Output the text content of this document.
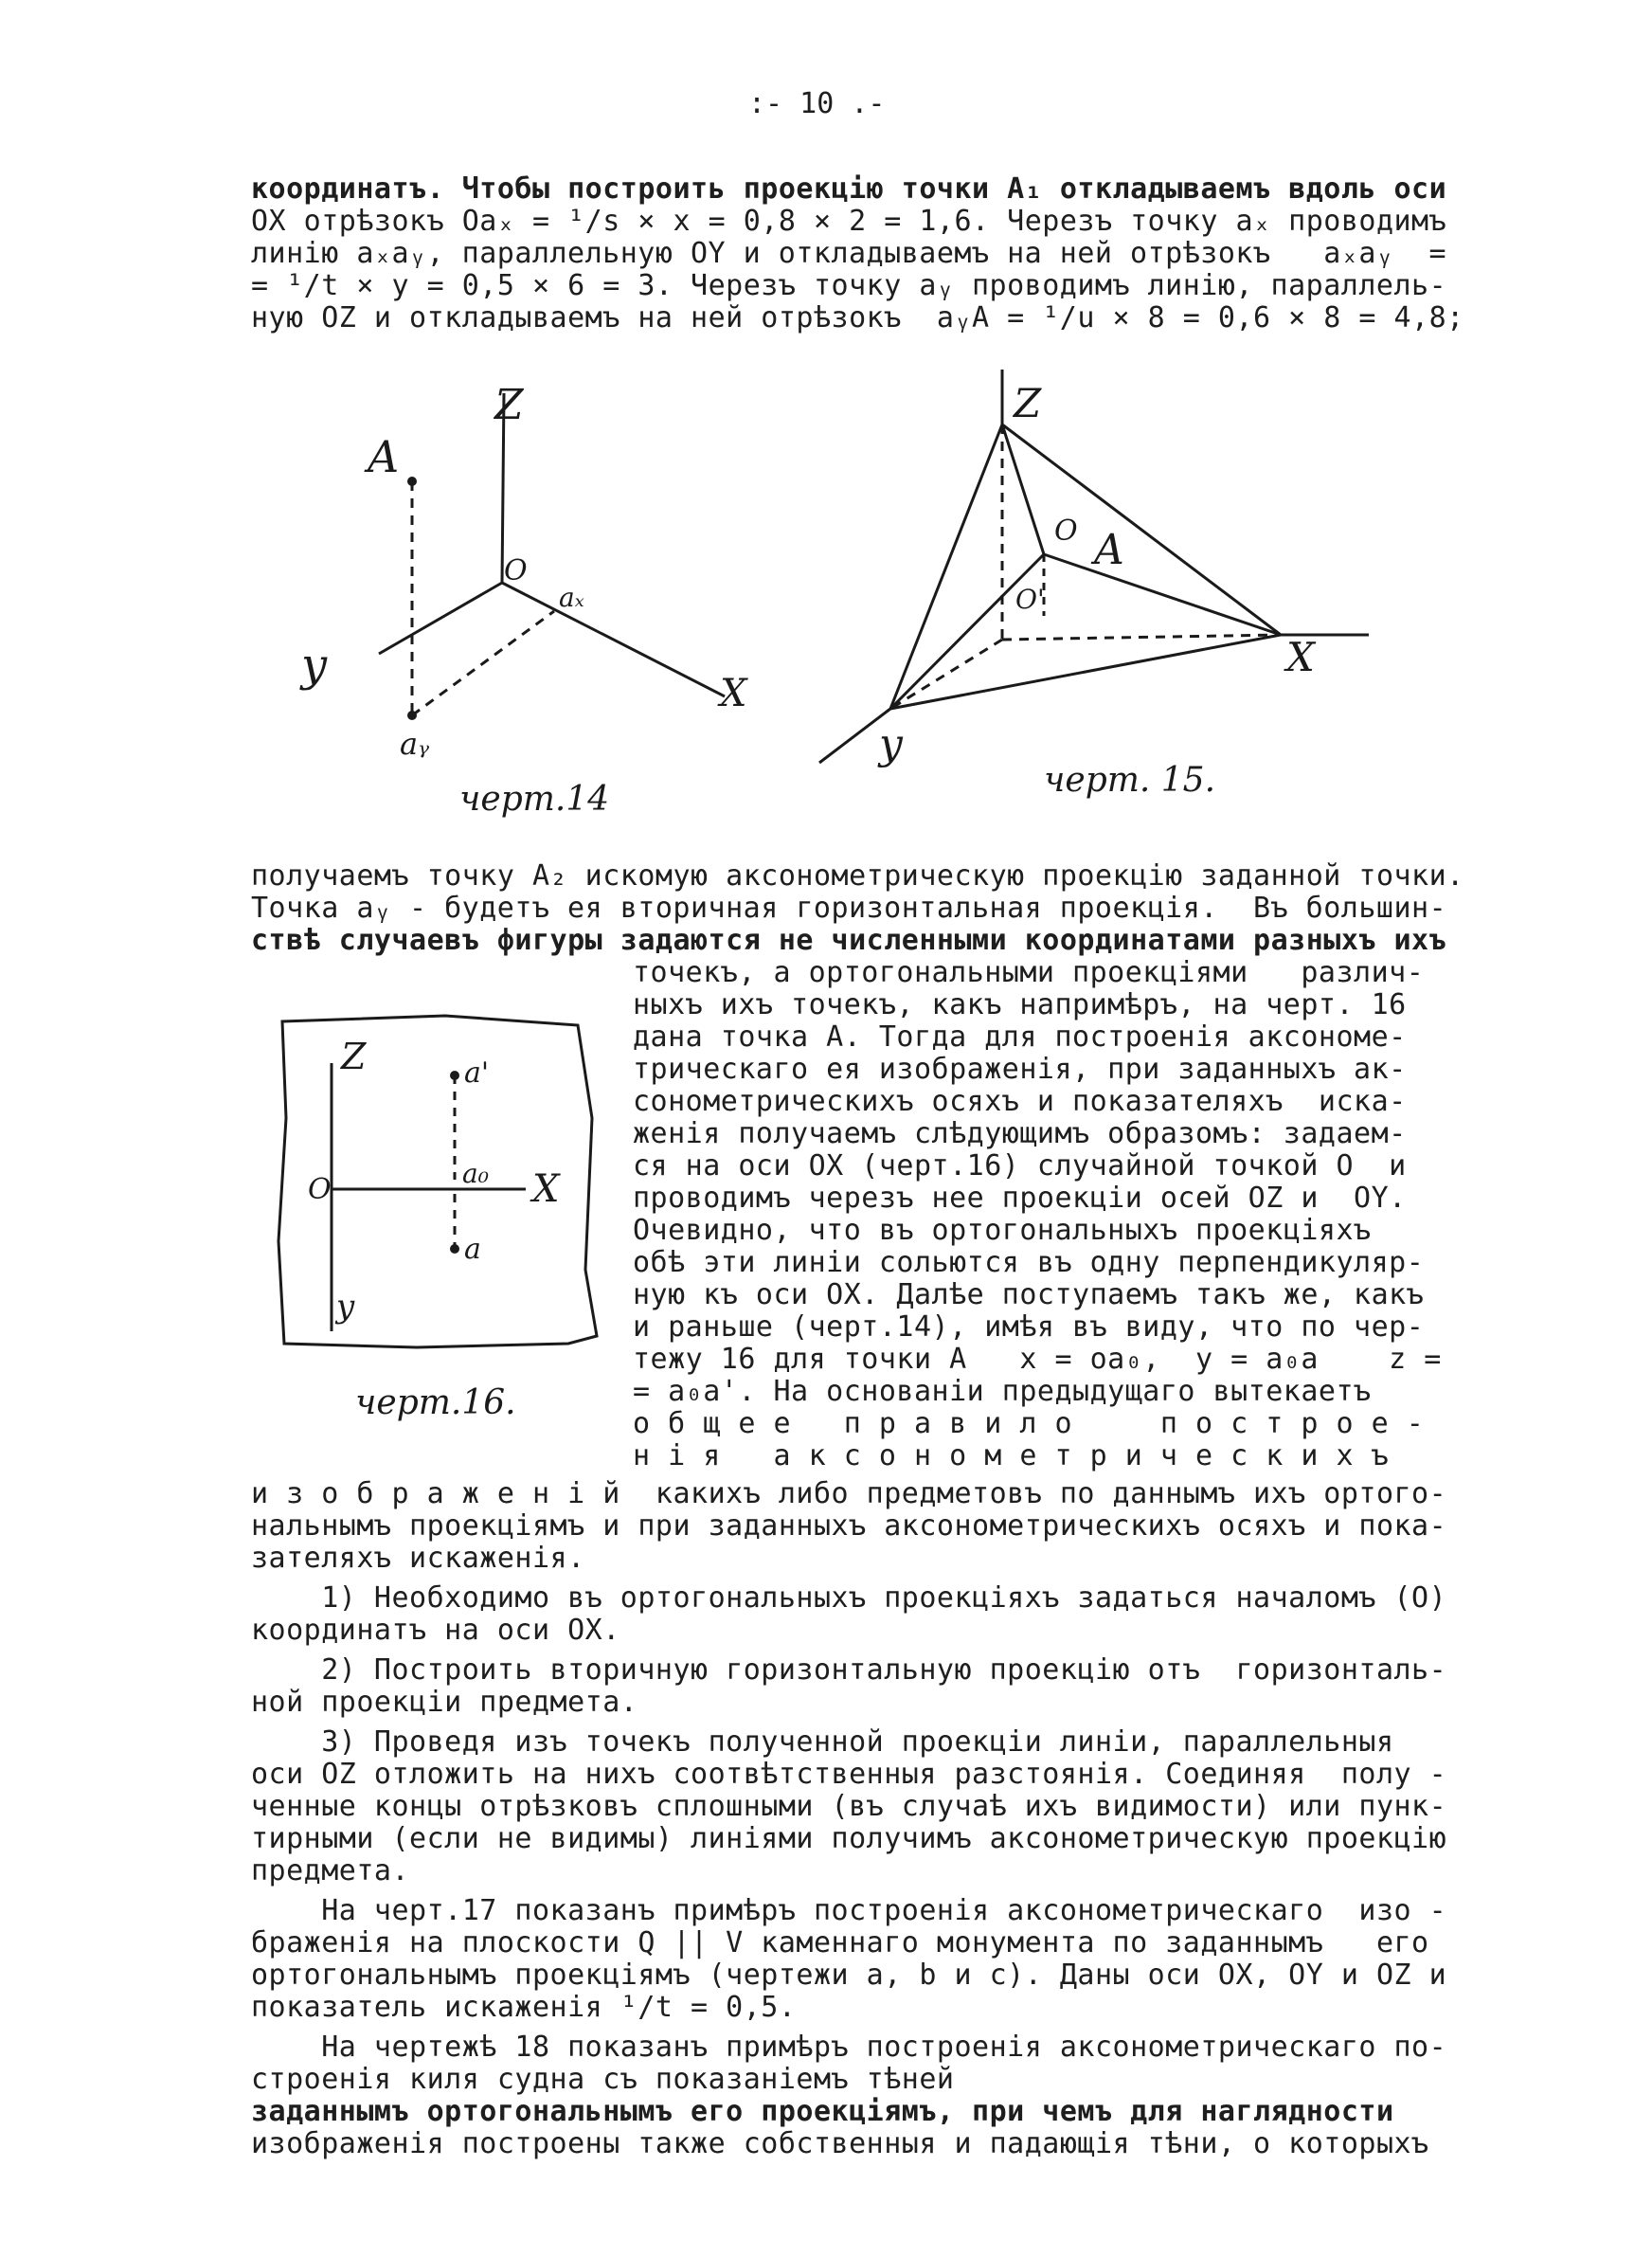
:- 10 .-
координатъ. Чтобы построить проекцію точки A₁ откладываемъ вдоль оси
OX отрѣзокъ Oaₓ = ¹/s × x = 0,8 × 2 = 1,6. Черезъ точку aₓ проводимъ
линію aₓaᵧ, параллельную OY и откладываемъ на ней отрѣзокъ   aₓaᵧ  =
= ¹/t × y = 0,5 × 6 = 3. Черезъ точку aᵧ проводимъ линію, параллель-
ную OZ и откладываемъ на ней отрѣзокъ  aᵧA = ¹/u × 8 = 0,6 × 8 = 4,8;
Z
A
O
aₓ
y
X
aᵧ
черт.14
Z
O A
O'
X
y
черт. 15.
получаемъ точку A₂ искомую аксонометрическую проекцію заданной точки.
Точка aᵧ - будетъ ея вторичная горизонтальная проекція.  Въ большин-
ствѣ случаевъ фигуры задаются не численными координатами разныхъ ихъ
Z	a'
O	a₀ X
a
y
черт.16.
точекъ, а ортогональными проекціями   различ-
ныхъ ихъ точекъ, какъ напримѣръ, на черт. 16
дана точка A. Тогда для построенія аксономе-
трическаго ея изображенія, при заданныхъ ак-
сонометрическихъ осяхъ и показателяхъ  иска-
женія получаемъ слѣдующимъ образомъ: задаем-
ся на оси OX (черт.16) случайной точкой O  и
проводимъ черезъ нее проекціи осей OZ и  OY.
Очевидно, что въ ортогональныхъ проекціяхъ
обѣ эти линіи сольются въ одну перпендикуляр-
ную къ оси OX. Далѣе поступаемъ такъ же, какъ
и раньше (черт.14), имѣя въ виду, что по чер-
тежу 16 для точки A   x = oa₀,  y = a₀a    z =
= a₀a'. На основаніи предыдущаго вытекаетъ
о б щ е е   п р а в и л о     п о с т р о е -
н і я   а к с о н о м е т р и ч е с к и х ъ
и з о б р а ж е н і й  какихъ либо предметовъ по даннымъ ихъ ортого-
нальнымъ проекціямъ и при заданныхъ аксонометрическихъ осяхъ и пока-
зателяхъ искаженія.
1) Необходимо въ ортогональныхъ проекціяхъ задаться началомъ (O)
координатъ на оси OX.
2) Построить вторичную горизонтальную проекцію отъ  горизонталь-
ной проекціи предмета.
3) Проведя изъ точекъ полученной проекціи линіи, параллельныя
оси OZ отложить на нихъ соотвѣтственныя разстоянія. Соединяя  полу -
ченные концы отрѣзковъ сплошными (въ случаѣ ихъ видимости) или пунк-
тирными (если не видимы) линіями получимъ аксонометрическую проекцію
предмета.
На черт.17 показанъ примѣръ построенія аксонометрическаго  изо -
браженія на плоскости Q || V каменнаго монумента по заданнымъ   его
ортогональнымъ проекціямъ (чертежи a, b и c). Даны оси OX, OY и OZ и
показатель искаженія ¹/t = 0,5.
На чертежѣ 18 показанъ примѣръ построенія аксонометрическаго по-
строенія киля судна съ показаніемъ тѣней
заданнымъ ортогональнымъ его проекціямъ, при чемъ для наглядности
изображенія построены также собственныя и падающія тѣни, о которыхъ
